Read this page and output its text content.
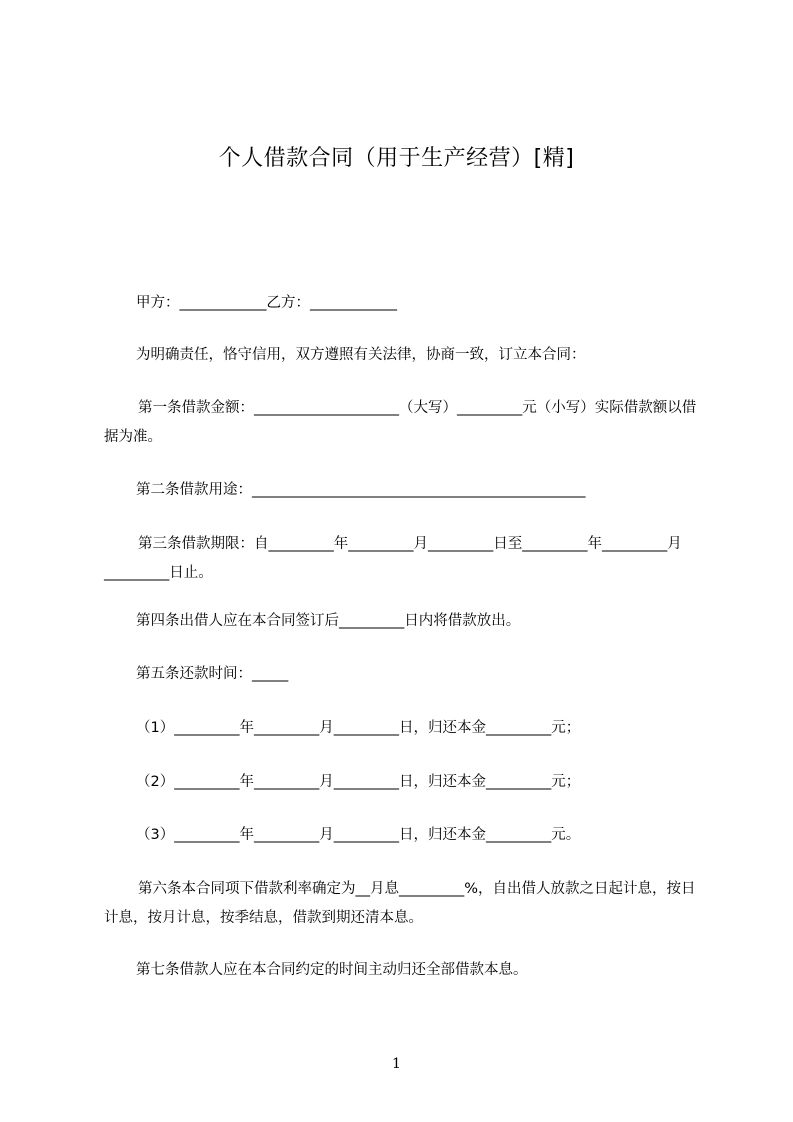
个人借款合同（用于生产经营）[精]
甲方：____________乙方：____________
为明确责任，恪守信用，双方遵照有关法律，协商一致，订立本合同：
第一条借款金额：____________________（大写）_________元（小写）实际借款额以借据为准。
第二条借款用途：______________________________________________
第三条借款期限：自_________年_________月_________日至_________年_________月_________日止。
第四条出借人应在本合同签订后_________日内将借款放出。
第五条还款时间：_____
（1）_________年_________月_________日，归还本金_________元；
（2）_________年_________月_________日，归还本金_________元；
（3）_________年_________月_________日，归还本金_________元。
第六条本合同项下借款利率确定为__月息_________%，自出借人放款之日起计息，按日计息，按月计息，按季结息，借款到期还清本息。
第七条借款人应在本合同约定的时间主动归还全部借款本息。
1
